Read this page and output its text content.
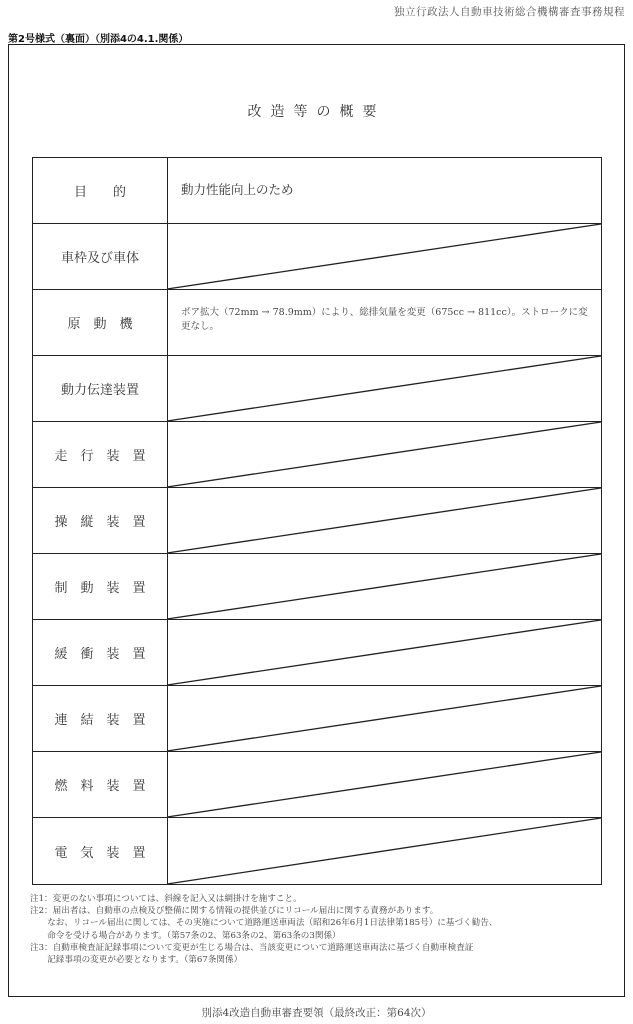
独立行政法人自動車技術総合機構審査事務規程
第2号様式（裏面）（別添4の4.1.関係）
改造等の概要
目　　的	動力性能向上のため
車枠及び車体
原　動　機
ボア拡大（72mm → 78.9mm）により、総排気量を変更（675cc → 811cc）。ストロークに変更なし。
動力伝達装置
走　行　装　置
操　縦　装　置
制　動　装　置
緩　衝　装　置
連　結　装　置
燃　料　装　置
電　気　装　置
注1：変更のない事項については、斜線を記入又は網掛けを施すこと。
注2：届出者は、自動車の点検及び整備に関する情報の提供並びにリコール届出に関する責務があります。
　　なお、リコール届出に関しては、その実施について道路運送車両法（昭和26年6月1日法律第185号）に基づく勧告、
　　命令を受ける場合があります。（第57条の2、第63条の2、第63条の3関係）
注3：自動車検査証記録事項について変更が生じる場合は、当該変更について道路運送車両法に基づく自動車検査証
　　記録事項の変更が必要となります。（第67条関係）
別添4改造自動車審査要領（最終改正：第64次）
